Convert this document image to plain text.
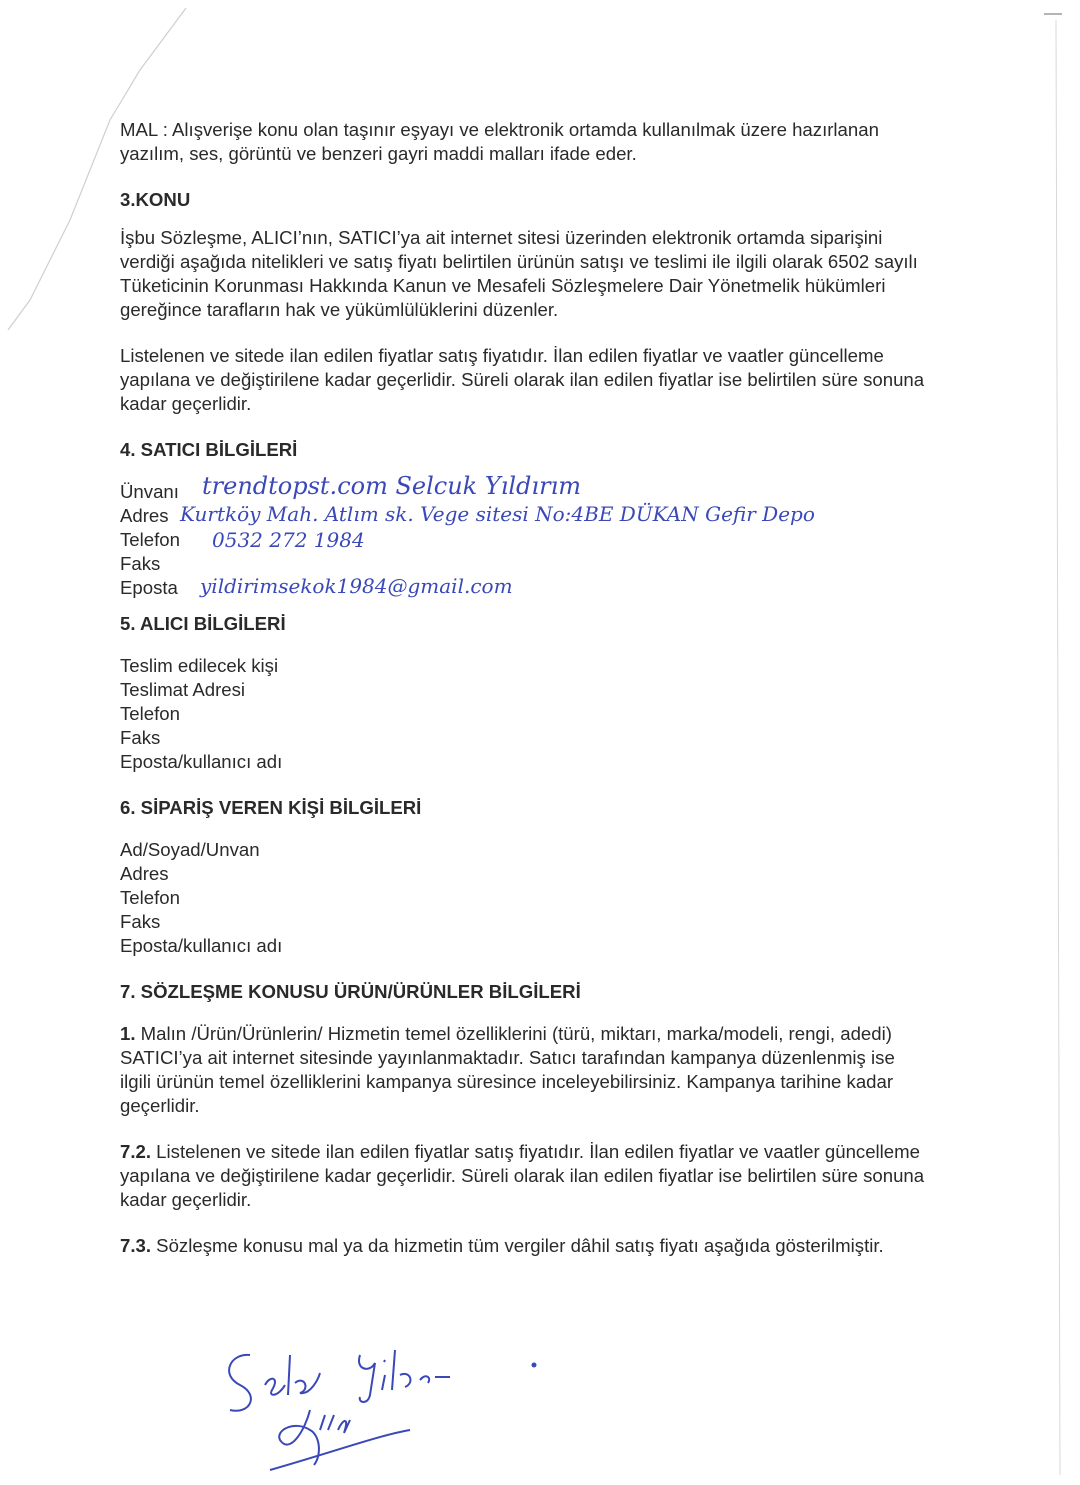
MAL : Alışverişe konu olan taşınır eşyayı ve elektronik ortamda kullanılmak üzere hazırlanan yazılım, ses, görüntü ve benzeri gayri maddi malları ifade eder.

3.KONU

İşbu Sözleşme, ALICI’nın, SATICI’ya ait internet sitesi üzerinden elektronik ortamda siparişini verdiği aşağıda nitelikleri ve satış fiyatı belirtilen ürünün satışı ve teslimi ile ilgili olarak 6502 sayılı Tüketicinin Korunması Hakkında Kanun ve Mesafeli Sözleşmelere Dair Yönetmelik hükümleri gereğince tarafların hak ve yükümlülüklerini düzenler.

Listelenen ve sitede ilan edilen fiyatlar satış fiyatıdır. İlan edilen fiyatlar ve vaatler güncelleme yapılana ve değiştirilene kadar geçerlidir. Süreli olarak ilan edilen fiyatlar ise belirtilen süre sonuna kadar geçerlidir.

4. SATICI BİLGİLERİ

Ünvanı trendtopst.com Selcuk Yıldırım
Adres Kurtköy Mah. Atlım sk. Vege sitesi No:4BE DÜKAN Gefir Depo
Telefon 0532 272 1984
Faks
Eposta yildirimsekok1984@gmail.com

5. ALICI BİLGİLERİ

Teslim edilecek kişi
Teslimat Adresi
Telefon
Faks
Eposta/kullanıcı adı

6. SİPARİŞ VEREN KİŞİ BİLGİLERİ

Ad/Soyad/Unvan
Adres
Telefon
Faks
Eposta/kullanıcı adı

7. SÖZLEŞME KONUSU ÜRÜN/ÜRÜNLER BİLGİLERİ

1. Malın /Ürün/Ürünlerin/ Hizmetin temel özelliklerini (türü, miktarı, marka/modeli, rengi, adedi) SATICI’ya ait internet sitesinde yayınlanmaktadır. Satıcı tarafından kampanya düzenlenmiş ise ilgili ürünün temel özelliklerini kampanya süresince inceleyebilirsiniz. Kampanya tarihine kadar geçerlidir.

7.2. Listelenen ve sitede ilan edilen fiyatlar satış fiyatıdır. İlan edilen fiyatlar ve vaatler güncelleme yapılana ve değiştirilene kadar geçerlidir. Süreli olarak ilan edilen fiyatlar ise belirtilen süre sonuna kadar geçerlidir.

7.3. Sözleşme konusu mal ya da hizmetin tüm vergiler dâhil satış fiyatı aşağıda gösterilmiştir.
